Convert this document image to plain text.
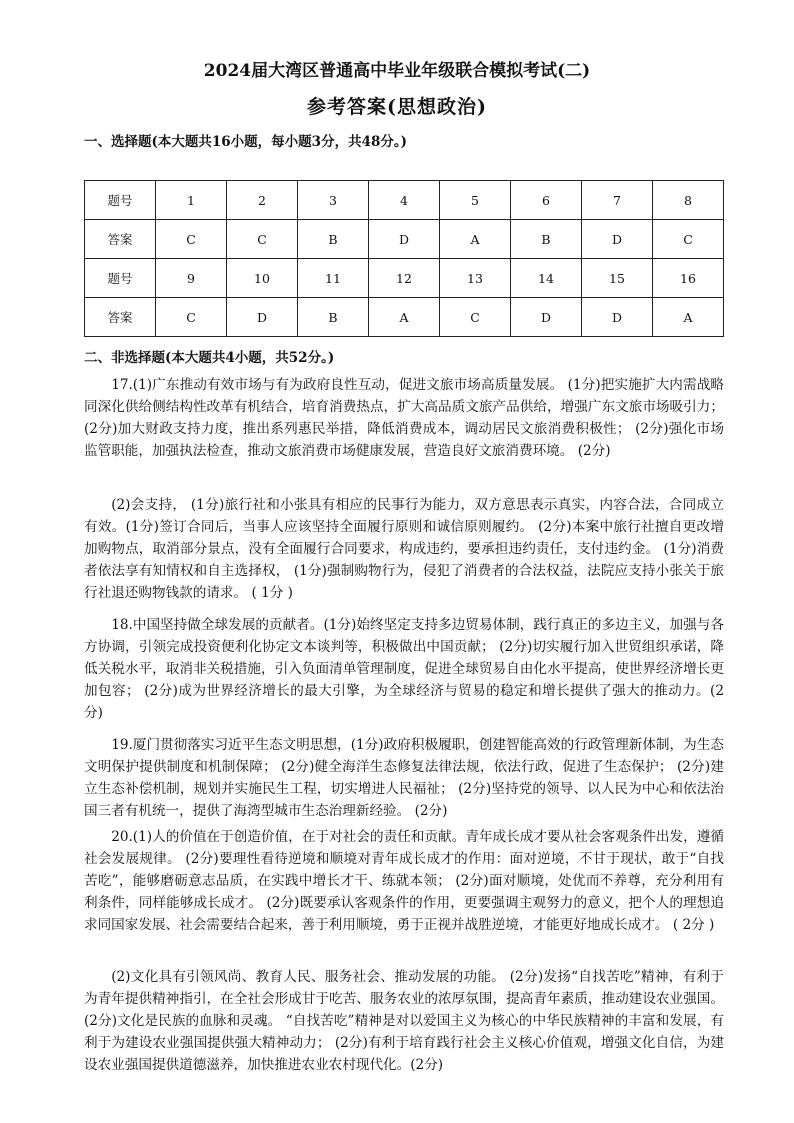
2024届大湾区普通高中毕业年级联合模拟考试(二)
参考答案(思想政治)
一、选择题(本大题共16小题，每小题3分，共48分。)
题号	1	2	3	4	5	6	7	8
答案	C	C	B	D	A	B	D	C
题号	9	10	11	12	13	14	15	16
答案	C	D	B	A	C	D	D	A
二、非选择题(本大题共4小题，共52分。)

17.(1)广东推动有效市场与有为政府良性互动，促进文旅市场高质量发展。 (1分)把实施扩大内需战略同深化供给侧结构性改革有机结合，培育消费热点，扩大高品质文旅产品供给，增强广东文旅市场吸引力； (2分)加大财政支持力度，推出系列惠民举措，降低消费成本，调动居民文旅消费积极性； (2分)强化市场监管职能，加强执法检查，推动文旅消费市场健康发展，营造良好文旅消费环境。 (2分)

(2)会支持， (1分)旅行社和小张具有相应的民事行为能力，双方意思表示真实，内容合法，合同成立有效。(1分)签订合同后，当事人应该坚持全面履行原则和诚信原则履约。 (2分)本案中旅行社擅自更改增加购物点，取消部分景点，没有全面履行合同要求，构成违约，要承担违约责任，支付违约金。 (1分)消费者依法享有知情权和自主选择权， (1分)强制购物行为，侵犯了消费者的合法权益，法院应支持小张关于旅行社退还购物钱款的请求。 ( 1分 )

18.中国坚持做全球发展的贡献者。(1分)始终坚定支持多边贸易体制，践行真正的多边主义，加强与各方协调，引领完成投资便利化协定文本谈判等，积极做出中国贡献； (2分)切实履行加入世贸组织承诺，降低关税水平，取消非关税措施，引入负面清单管理制度，促进全球贸易自由化水平提高，使世界经济增长更加包容； (2分)成为世界经济增长的最大引擎，为全球经济与贸易的稳定和增长提供了强大的推动力。(2分)

19.厦门贯彻落实习近平生态文明思想，(1分)政府积极履职，创建智能高效的行政管理新体制，为生态文明保护提供制度和机制保障； (2分)健全海洋生态修复法律法规，依法行政，促进了生态保护； (2分)建立生态补偿机制，规划并实施民生工程，切实增进人民福祉； (2分)坚持党的领导、以人民为中心和依法治国三者有机统一，提供了海湾型城市生态治理新经验。 (2分)

20.(1)人的价值在于创造价值，在于对社会的责任和贡献。青年成长成才要从社会客观条件出发，遵循社会发展规律。 (2分)要理性看待逆境和顺境对青年成长成才的作用：面对逆境，不甘于现状，敢于“自找苦吃”，能够磨砺意志品质，在实践中增长才干、练就本领； (2分)面对顺境，处优而不养尊，充分利用有利条件，同样能够成长成才。 (2分)既要承认客观条件的作用，更要强调主观努力的意义，把个人的理想追求同国家发展、社会需要结合起来，善于利用顺境，勇于正视并战胜逆境，才能更好地成长成才。 ( 2分 )

(2)文化具有引领风尚、教育人民、服务社会、推动发展的功能。 (2分)发扬“自找苦吃”精神，有利于为青年提供精神指引，在全社会形成甘于吃苦、服务农业的浓厚氛围，提高青年素质，推动建设农业强国。(2分)文化是民族的血脉和灵魂。 “自找苦吃”精神是对以爱国主义为核心的中华民族精神的丰富和发展，有利于为建设农业强国提供强大精神动力； (2分)有利于培育践行社会主义核心价值观，增强文化自信，为建设农业强国提供道德滋养，加快推进农业农村现代化。(2分)
